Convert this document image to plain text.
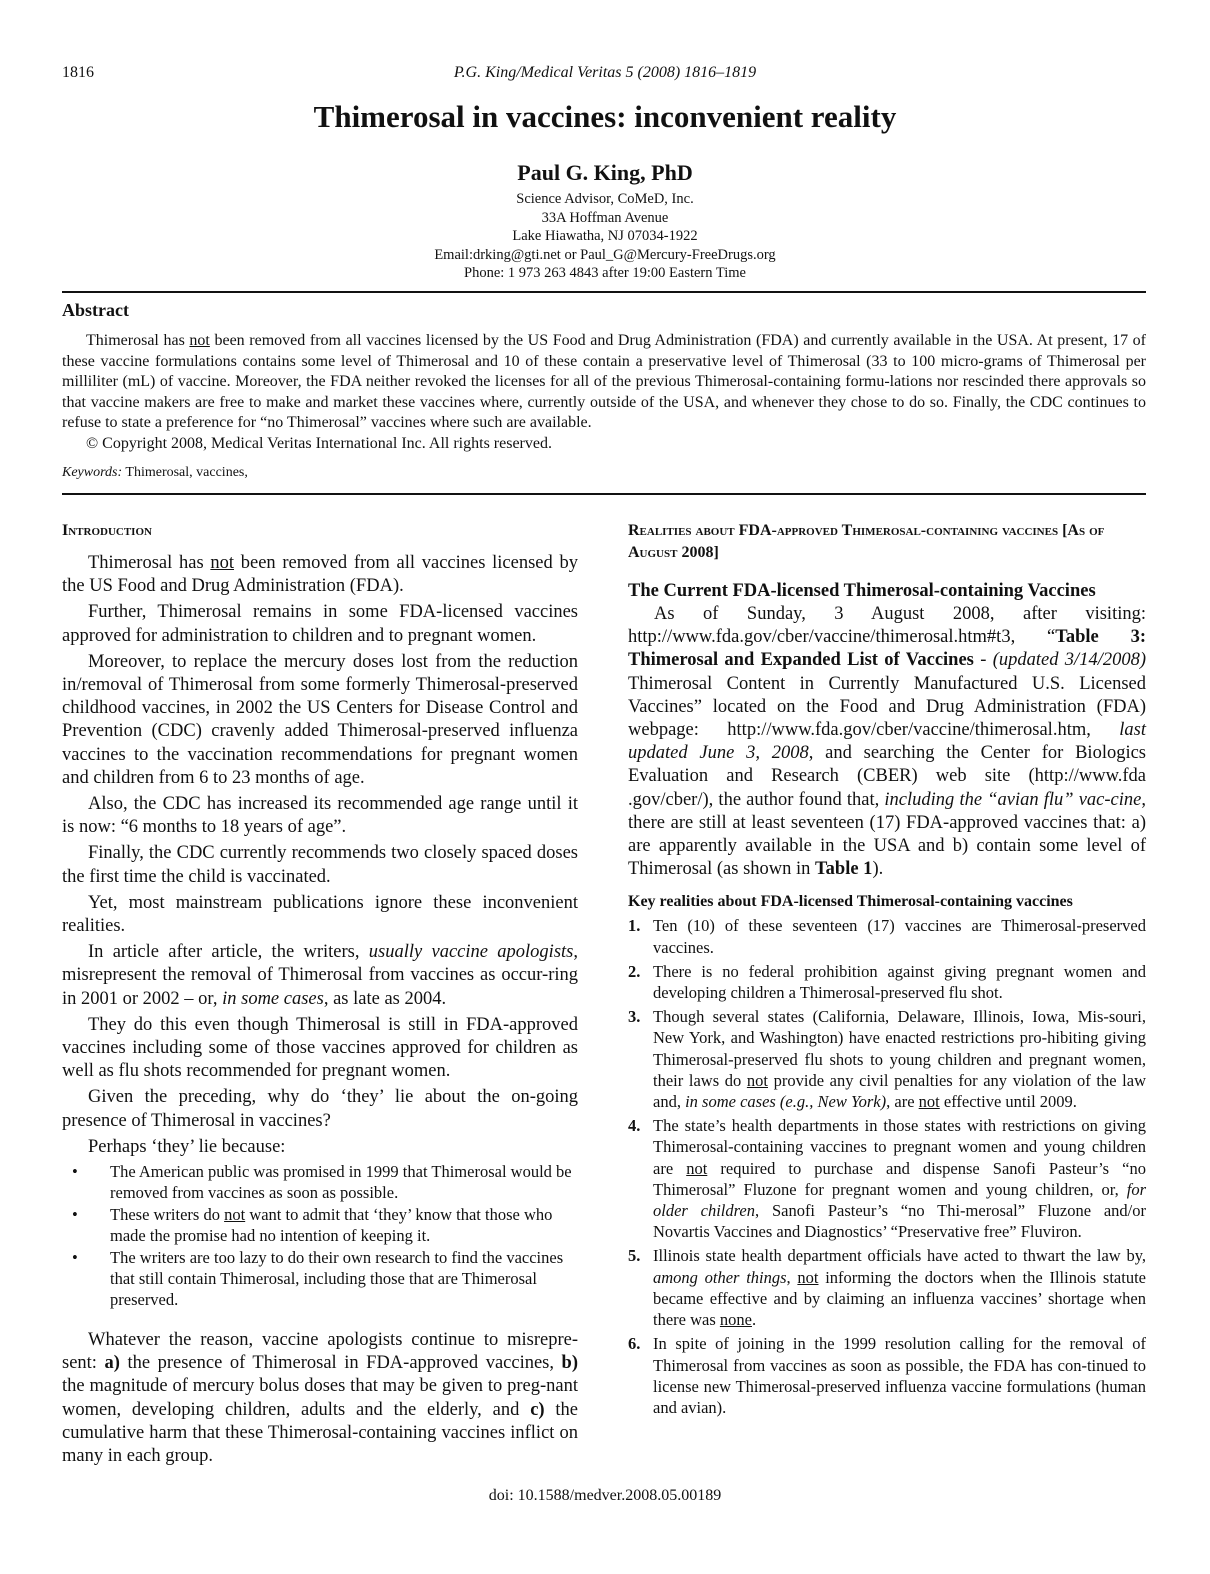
1816	P.G. King/Medical Veritas 5 (2008) 1816–1819
Thimerosal in vaccines: inconvenient reality
Paul G. King, PhD
Science Advisor, CoMeD, Inc.
33A Hoffman Avenue
Lake Hiawatha, NJ 07034-1922
Email:drking@gti.net or Paul_G@Mercury-FreeDrugs.org
Phone: 1 973 263 4843 after 19:00 Eastern Time
Abstract

Thimerosal has not been removed from all vaccines licensed by the US Food and Drug Administration (FDA) and currently available in the USA. At present, 17 of these vaccine formulations contains some level of Thimerosal and 10 of these contain a preservative level of Thimerosal (33 to 100 micro-grams of Thimerosal per milliliter (mL) of vaccine. Moreover, the FDA neither revoked the licenses for all of the previous Thimerosal-containing formu-lations nor rescinded there approvals so that vaccine makers are free to make and market these vaccines where, currently outside of the USA, and whenever they chose to do so. Finally, the CDC continues to refuse to state a preference for “no Thimerosal” vaccines where such are available.

© Copyright 2008, Medical Veritas International Inc. All rights reserved.

Keywords: Thimerosal, vaccines,
Introduction

Thimerosal has not been removed from all vaccines licensed by the US Food and Drug Administration (FDA).

Further, Thimerosal remains in some FDA-licensed vaccines approved for administration to children and to pregnant women.

Moreover, to replace the mercury doses lost from the reduction in/removal of Thimerosal from some formerly Thimerosal-preserved childhood vaccines, in 2002 the US Centers for Disease Control and Prevention (CDC) cravenly added Thimerosal-preserved influenza vaccines to the vaccination recommendations for pregnant women and children from 6 to 23 months of age.

Also, the CDC has increased its recommended age range until it is now: “6 months to 18 years of age”.

Finally, the CDC currently recommends two closely spaced doses the first time the child is vaccinated.

Yet, most mainstream publications ignore these inconvenient realities.

In article after article, the writers, usually vaccine apologists, misrepresent the removal of Thimerosal from vaccines as occur-ring in 2001 or 2002 – or, in some cases, as late as 2004.

They do this even though Thimerosal is still in FDA-approved vaccines including some of those vaccines approved for children as well as flu shots recommended for pregnant women.

Given the preceding, why do ‘they’ lie about the on-going presence of Thimerosal in vaccines?

Perhaps ‘they’ lie because:

• The American public was promised in 1999 that Thimerosal would be removed from vaccines as soon as possible.
• These writers do not want to admit that ‘they’ know that those who made the promise had no intention of keeping it.
• The writers are too lazy to do their own research to find the vaccines that still contain Thimerosal, including those that are Thimerosal preserved.

Whatever the reason, vaccine apologists continue to misrepre-sent: a) the presence of Thimerosal in FDA-approved vaccines, b) the magnitude of mercury bolus doses that may be given to preg-nant women, developing children, adults and the elderly, and c) the cumulative harm that these Thimerosal-containing vaccines inflict on many in each group.

Realities about FDA-approved Thimerosal-containing vaccines [As of August 2008]
The Current FDA-licensed Thimerosal-containing Vaccines

As of Sunday, 3 August 2008, after visiting: http://www.fda.gov/cber/vaccine/thimerosal.htm#t3, “Table 3: Thimerosal and Expanded List of Vaccines - (updated 3/14/2008) Thimerosal Content in Currently Manufactured U.S. Licensed Vaccines” located on the Food and Drug Administration (FDA) webpage: http://www.fda.gov/cber/vaccine/thimerosal.htm, last updated June 3, 2008, and searching the Center for Biologics Evaluation and Research (CBER) web site (http://www.fda .gov/cber/), the author found that, including the “avian flu” vac-cine, there are still at least seventeen (17) FDA-approved vaccines that: a) are apparently available in the USA and b) contain some level of Thimerosal (as shown in Table 1).

Key realities about FDA-licensed Thimerosal-containing vaccines
1. Ten (10) of these seventeen (17) vaccines are Thimerosal-preserved vaccines.
2. There is no federal prohibition against giving pregnant women and developing children a Thimerosal-preserved flu shot.
3. Though several states (California, Delaware, Illinois, Iowa, Mis-souri, New York, and Washington) have enacted restrictions pro-hibiting giving Thimerosal-preserved flu shots to young children and pregnant women, their laws do not provide any civil penalties for any violation of the law and, in some cases (e.g., New York), are not effective until 2009.
4. The state’s health departments in those states with restrictions on giving Thimerosal-containing vaccines to pregnant women and young children are not required to purchase and dispense Sanofi Pasteur’s “no Thimerosal” Fluzone for pregnant women and young children, or, for older children, Sanofi Pasteur’s “no Thi-merosal” Fluzone and/or Novartis Vaccines and Diagnostics’ “Preservative free” Fluviron.
5. Illinois state health department officials have acted to thwart the law by, among other things, not informing the doctors when the Illinois statute became effective and by claiming an influenza vaccines’ shortage when there was none.
6. In spite of joining in the 1999 resolution calling for the removal of Thimerosal from vaccines as soon as possible, the FDA has con-tinued to license new Thimerosal-preserved influenza vaccine formulations (human and avian).
doi: 10.1588/medver.2008.05.00189
